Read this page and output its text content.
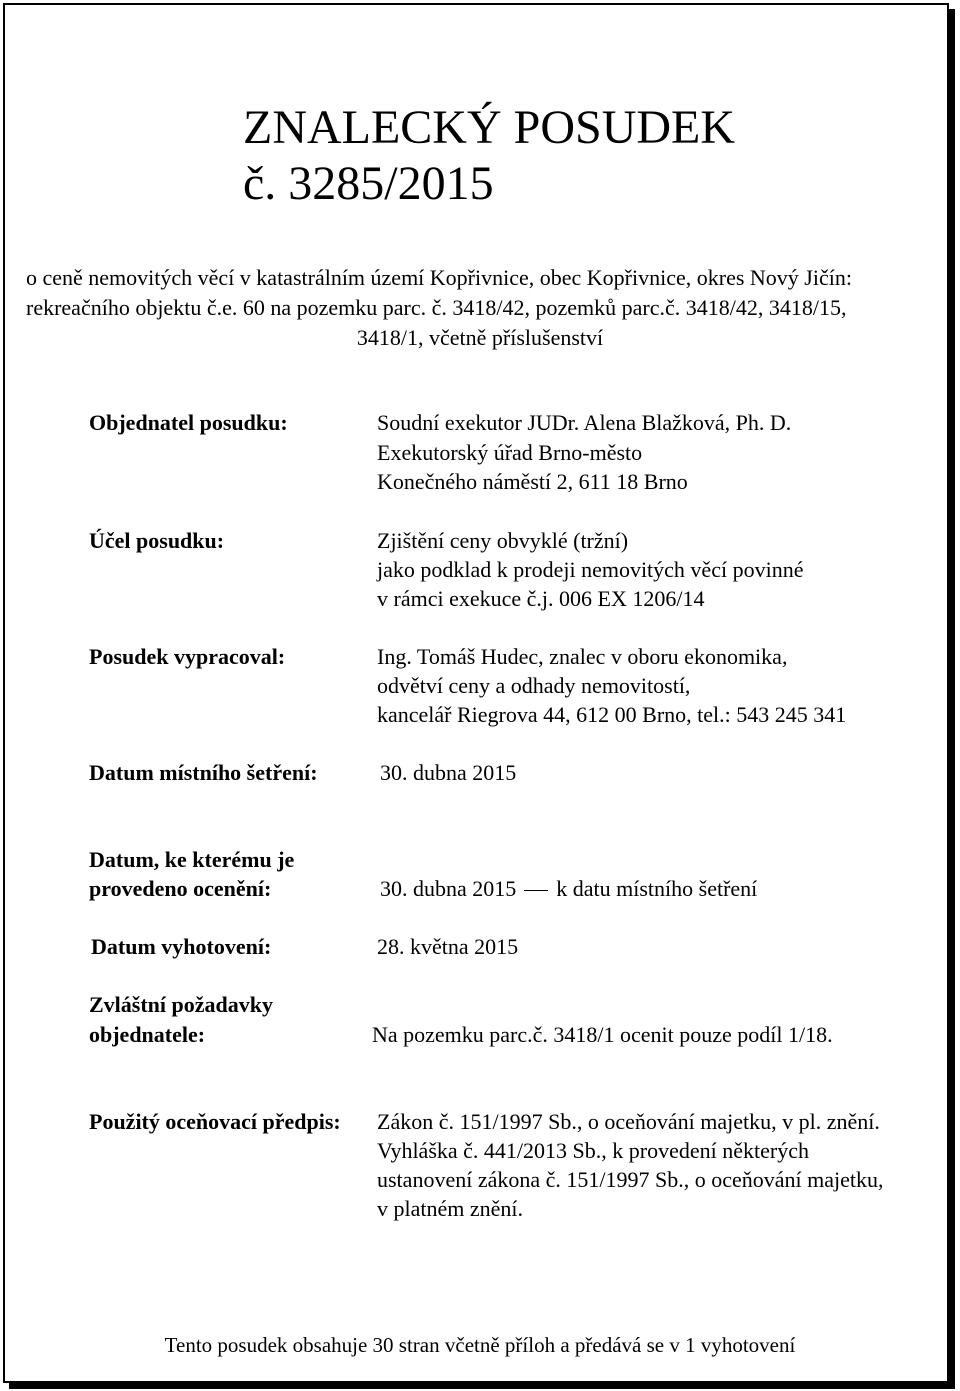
ZNALECKÝ POSUDEK
č. 3285/2015
o ceně nemovitých věcí v katastrálním území Kopřivnice, obec Kopřivnice, okres Nový Jičín:
rekreačního objektu č.e. 60 na pozemku parc. č. 3418/42, pozemků parc.č. 3418/42, 3418/15,
3418/1, včetně příslušenství
Objednatel posudku:	Soudní exekutor JUDr. Alena Blažková, Ph. D.
Exekutorský úřad Brno-město
Konečného náměstí 2, 611 18 Brno
Účel posudku:	Zjištění ceny obvyklé (tržní)
jako podklad k prodeji nemovitých věcí povinné
v rámci exekuce č.j. 006 EX 1206/14
Posudek vypracoval:	Ing. Tomáš Hudec, znalec v oboru ekonomika,
odvětví ceny a odhady nemovitostí,
kancelář Riegrova 44, 612 00 Brno, tel.: 543 245 341
Datum místního šetření:	30. dubna 2015
Datum, ke kterému je
provedeno ocenění:	30. dubna 2015 k datu místního šetření
Datum vyhotovení:	28. května 2015
Zvláštní požadavky
objednatele:	Na pozemku parc.č. 3418/1 ocenit pouze podíl 1/18.
Použitý oceňovací předpis: Zákon č. 151/1997 Sb., o oceňování majetku, v pl. znění.
Vyhláška č. 441/2013 Sb., k provedení některých
ustanovení zákona č. 151/1997 Sb., o oceňování majetku,
v platném znění.
Tento posudek obsahuje 30 stran včetně příloh a předává se v 1 vyhotovení
